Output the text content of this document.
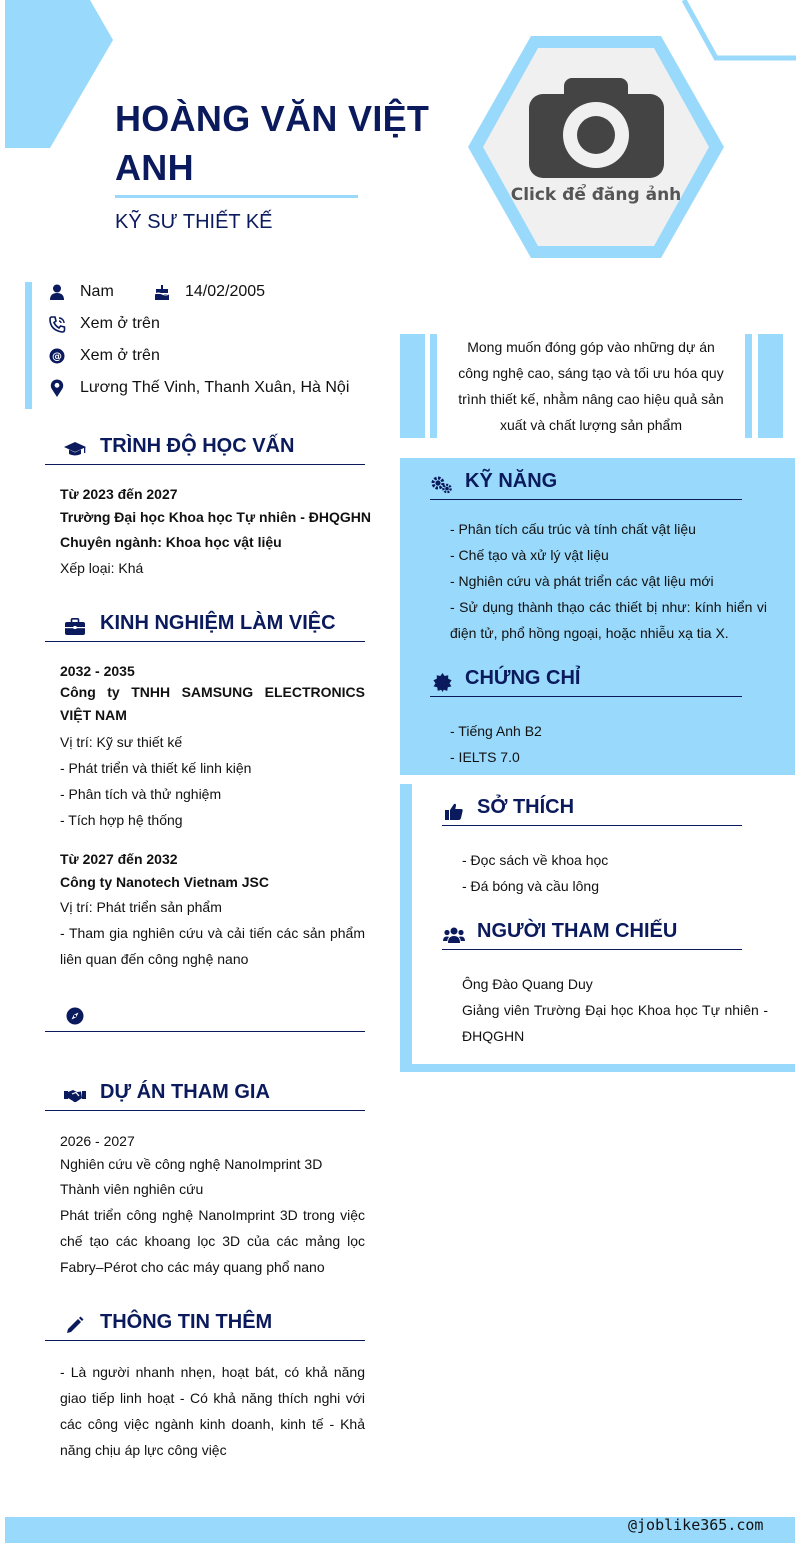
Click để đăng ảnh
HOÀNG VĂN VIỆT ANH
KỸ SƯ THIẾT KẾ
Nam	14/02/2005
Xem ở trên
@ Xem ở trên
Lương Thế Vinh, Thanh Xuân, Hà Nội
Mong muốn đóng góp vào những dự án công nghệ cao, sáng tạo và tối ưu hóa quy trình thiết kế, nhằm nâng cao hiệu quả sản xuất và chất lượng sản phẩm
TRÌNH ĐỘ HỌC VẤN
Từ 2023 đến 2027
Trường Đại học Khoa học Tự nhiên - ĐHQGHN
Chuyên ngành: Khoa học vật liệu
Xếp loại: Khá
KINH NGHIỆM LÀM VIỆC
2032 - 2035
Công ty TNHH SAMSUNG ELECTRONICS VIỆT NAM
Vị trí: Kỹ sư thiết kế
- Phát triển và thiết kế linh kiện
- Phân tích và thử nghiệm
- Tích hợp hệ thống
Từ 2027 đến 2032
Công ty Nanotech Vietnam JSC
Vị trí: Phát triển sản phẩm
- Tham gia nghiên cứu và cải tiến các sản phẩm liên quan đến công nghệ nano
DỰ ÁN THAM GIA
2026 - 2027
Nghiên cứu về công nghệ NanoImprint 3D
Thành viên nghiên cứu
Phát triển công nghệ NanoImprint 3D trong việc chế tạo các khoang lọc 3D của các mảng lọc Fabry–Pérot cho các máy quang phổ nano
THÔNG TIN THÊM
- Là người nhanh nhẹn, hoạt bát, có khả năng giao tiếp linh hoạt - Có khả năng thích nghi với các công việc ngành kinh doanh, kinh tế - Khả năng chịu áp lực công việc
KỸ NĂNG
- Phân tích cấu trúc và tính chất vật liệu
- Chế tạo và xử lý vật liệu
- Nghiên cứu và phát triển các vật liệu mới
- Sử dụng thành thạo các thiết bị như: kính hiển vi điện tử, phổ hồng ngoại, hoặc nhiễu xạ tia X.
CHỨNG CHỈ
- Tiếng Anh B2
- IELTS 7.0
SỞ THÍCH
- Đọc sách về khoa học
- Đá bóng và cầu lông
NGƯỜI THAM CHIẾU
Ông Đào Quang Duy
Giảng viên Trường Đại học Khoa học Tự nhiên - ĐHQGHN
@joblike365.com
